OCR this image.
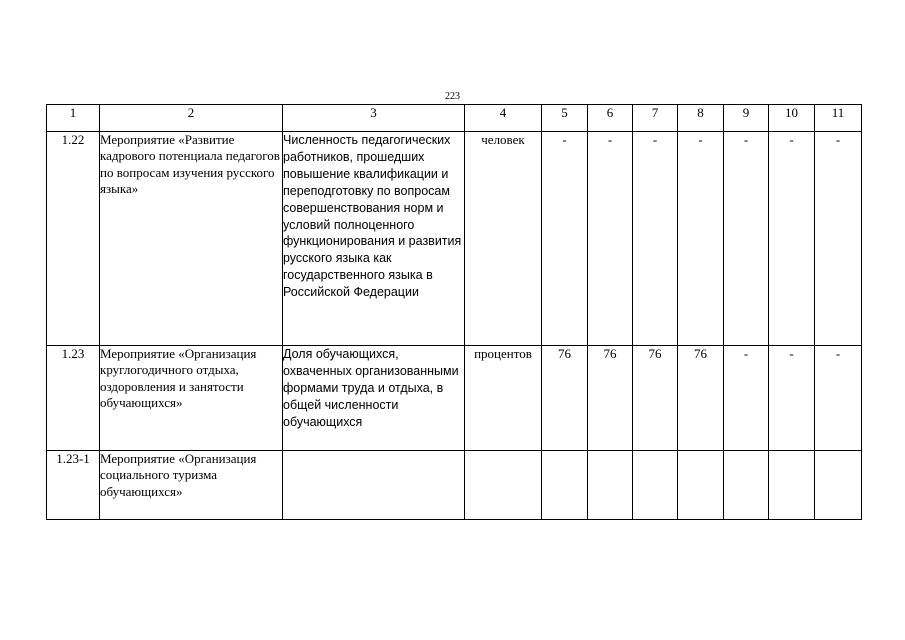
223
1	2	3	4	5	6	7	8	9	10	11
1.22	Мероприятие «Развитие кадрового потенциала педагогов по вопросам изучения русского языка»	Численность педагогических работников, прошедших повышение квалификации и переподготовку по вопросам совершенствования норм и условий полноценного функционирования и развития русского языка как государственного языка в Российской Федерации	человек	-	-	-	-	-	-	-
1.23	Мероприятие «Организация круглогодичного отдыха, оздоровления и занятости обучающихся»	Доля обучающихся, охваченных организованными формами труда и отдыха, в общей численности обучающихся	процентов	76	76	76	76	-	-	-
1.23-1	Мероприятие «Организация социального туризма обучающихся»									
